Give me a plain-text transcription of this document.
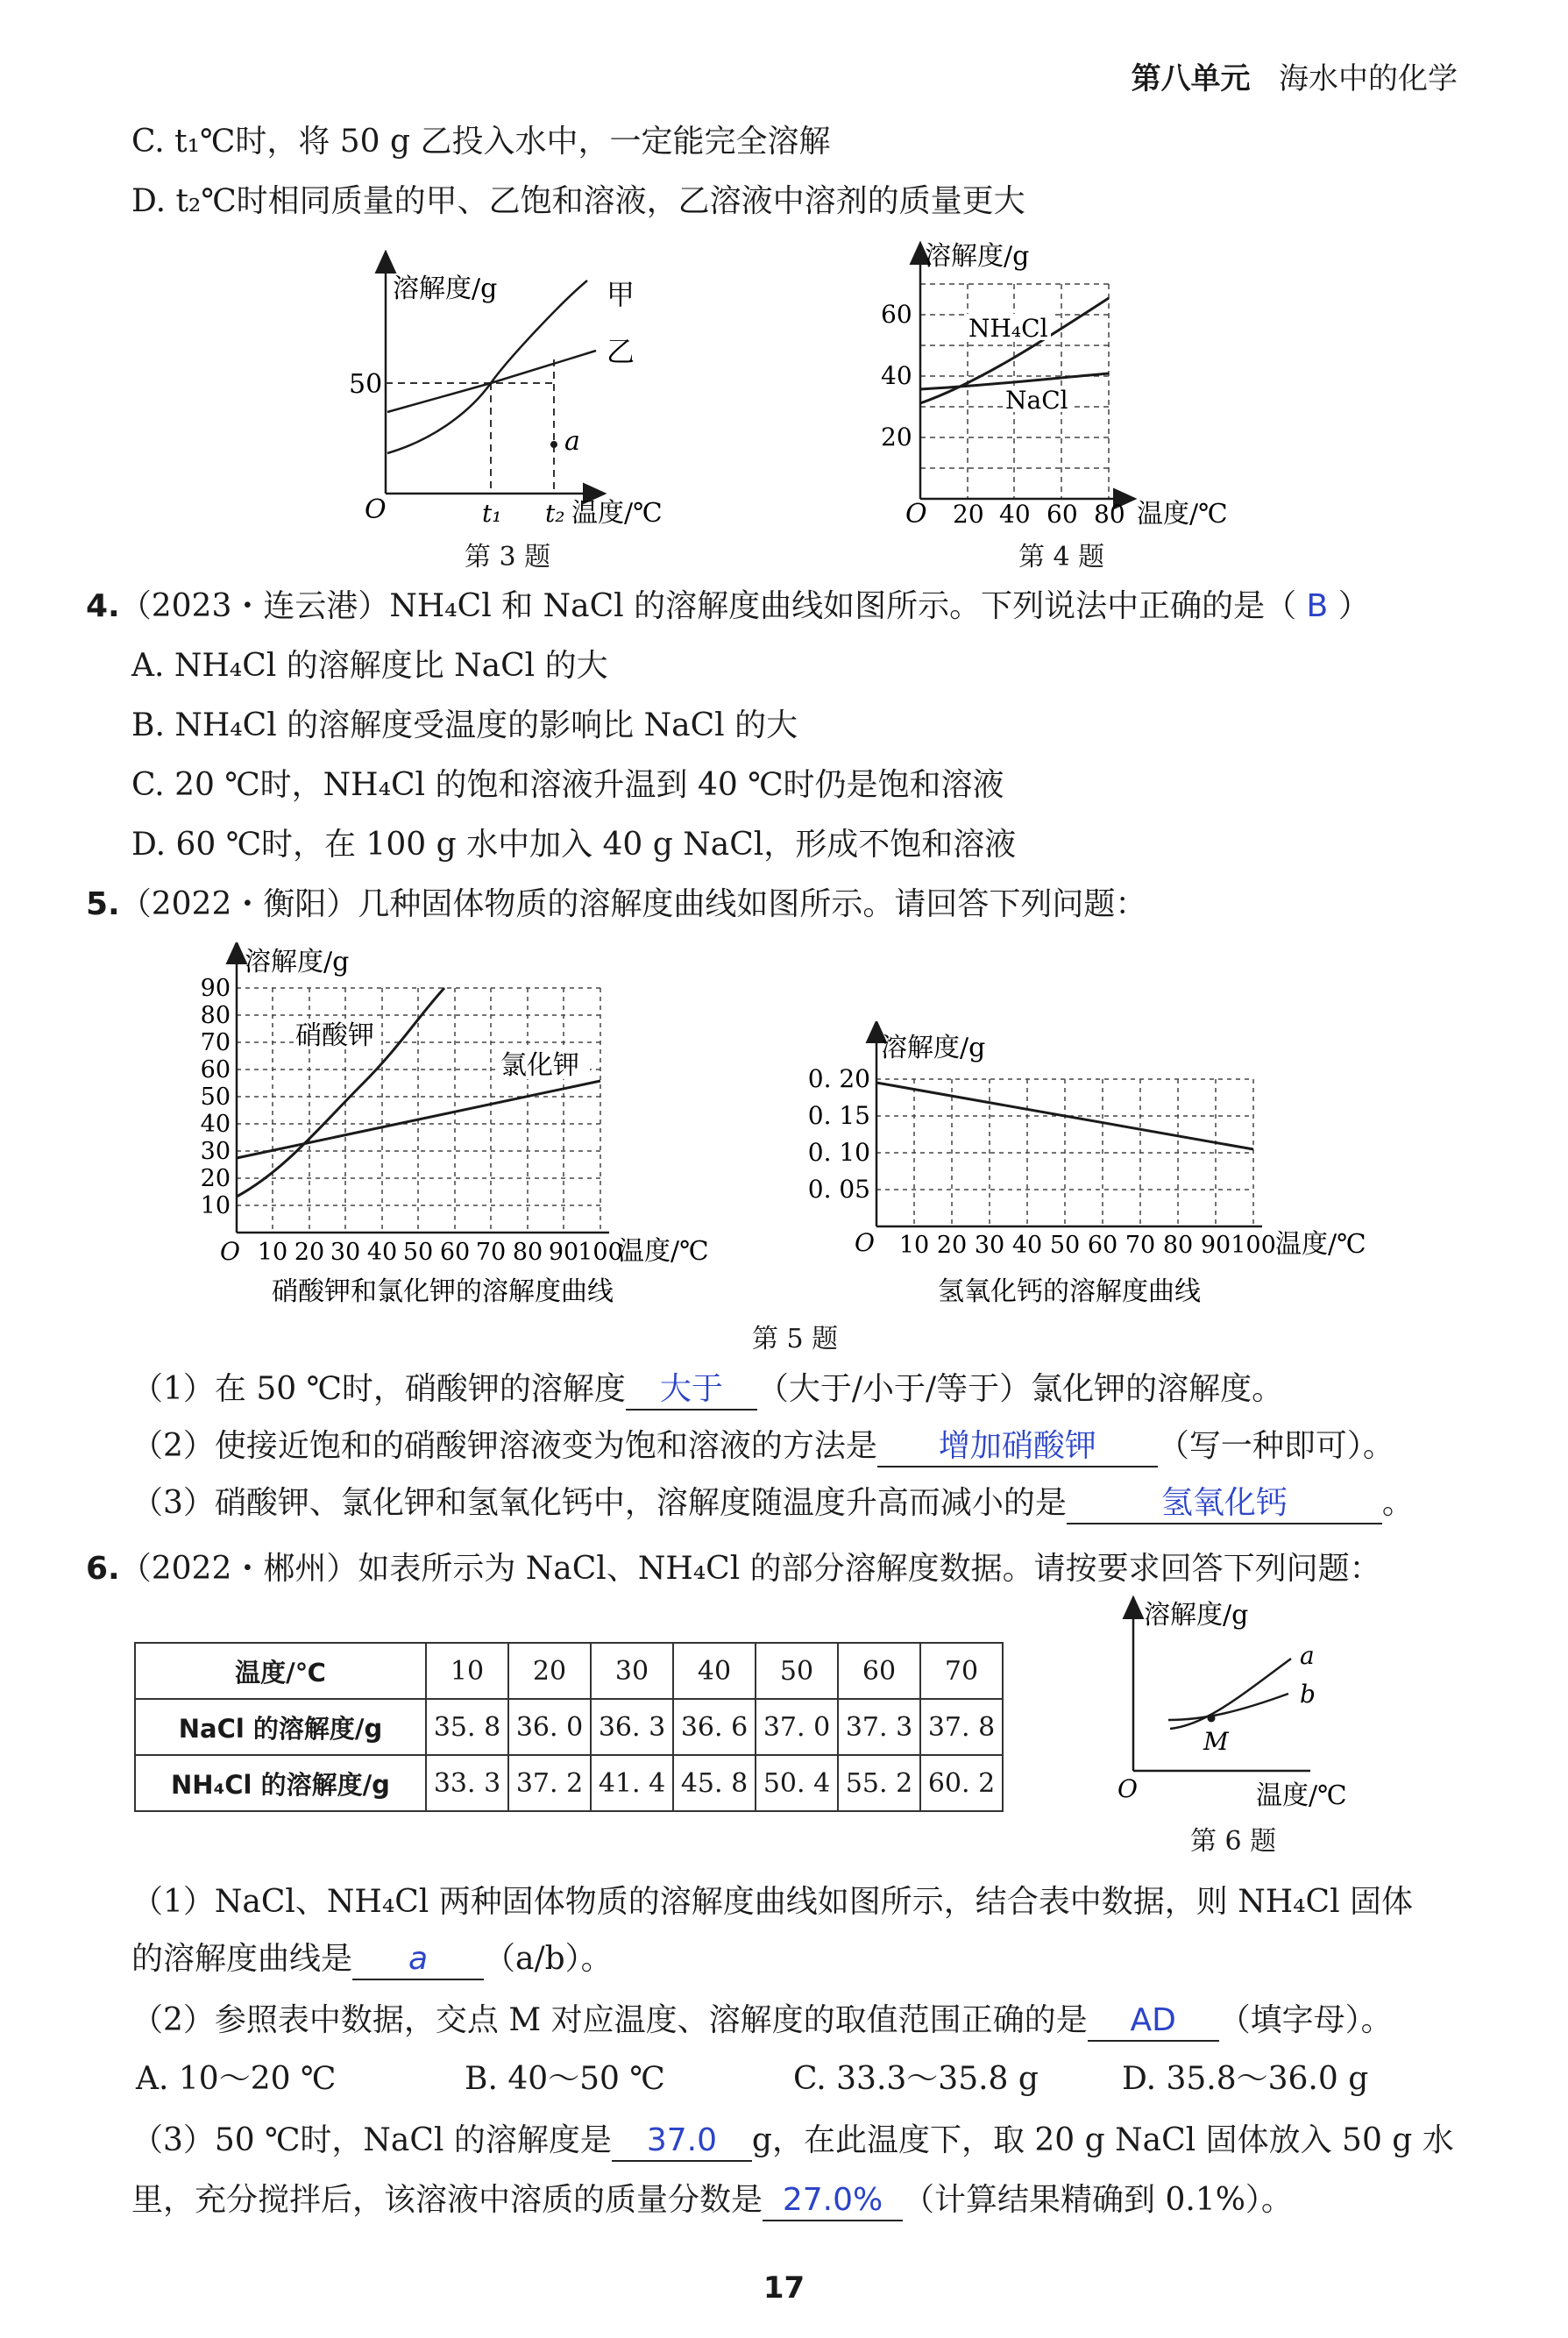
第八单元 海水中的化学
C. t₁℃时，将 50 g 乙投入水中，一定能完全溶解
D. t₂℃时相同质量的甲、乙饱和溶液，乙溶液中溶剂的质量更大
溶解度/g	甲
乙
50
a
O	t₁ t₂ 温度/℃
第 3 题
溶解度/g
60
40
20
NH₄Cl
NaCl
O 20 40 60 80 温度/℃
第 4 题
4.（2023・连云港）NH₄Cl 和 NaCl 的溶解度曲线如图所示。下列说法中正确的是（ B ）
A. NH₄Cl 的溶解度比 NaCl 的大
B. NH₄Cl 的溶解度受温度的影响比 NaCl 的大
C. 20 ℃时，NH₄Cl 的饱和溶液升温到 40 ℃时仍是饱和溶液
D. 60 ℃时，在 100 g 水中加入 40 g NaCl，形成不饱和溶液
5.（2022・衡阳）几种固体物质的溶解度曲线如图所示。请回答下列问题：
溶解度/g
90
80
70
60
50
40
30
20
10
硝酸钾
氯化钾
O 10 20 30 40 50 60 70 80 90 100
温度/℃
硝酸钾和氯化钾的溶解度曲线
溶解度/g
0. 20
0. 15
0. 10
0. 05
O 10 20 30 40 50 60 70 80 90 100 温度/℃
氢氧化钙的溶解度曲线
第 5 题
（1）在 50 ℃时，硝酸钾的溶解度 大于 （大于/小于/等于）氯化钾的溶解度。
（2）使接近饱和的硝酸钾溶液变为饱和溶液的方法是 增加硝酸钾 （写一种即可）。
（3）硝酸钾、氯化钾和氢氧化钙中，溶解度随温度升高而减小的是	氢氧化钙	。
6.（2022・郴州）如表所示为 NaCl、NH₄Cl 的部分溶解度数据。请按要求回答下列问题：
温度/℃	10	20	30	40	50	60	70
NaCl 的溶解度/g	35. 8	36. 0	36. 3	36. 6	37. 0	37. 3	37. 8
NH₄Cl 的溶解度/g	33. 3	37. 2	41. 4	45. 8	50. 4	55. 2	60. 2
溶解度/g
a
b
M
O	温度/℃
第 6 题
（1）NaCl、NH₄Cl 两种固体物质的溶解度曲线如图所示，结合表中数据，则 NH₄Cl 固体
的溶解度曲线是 a （a/b）。
（2）参照表中数据，交点 M 对应温度、溶解度的取值范围正确的是 AD （填字母）。
A. 10～20 ℃	B. 40～50 ℃	C. 33.3～35.8 g	D. 35.8～36.0 g
（3）50 ℃时，NaCl 的溶解度是 37.0 g，在此温度下，取 20 g NaCl 固体放入 50 g 水
里，充分搅拌后，该溶液中溶质的质量分数是 27.0% （计算结果精确到 0.1%）。
17
